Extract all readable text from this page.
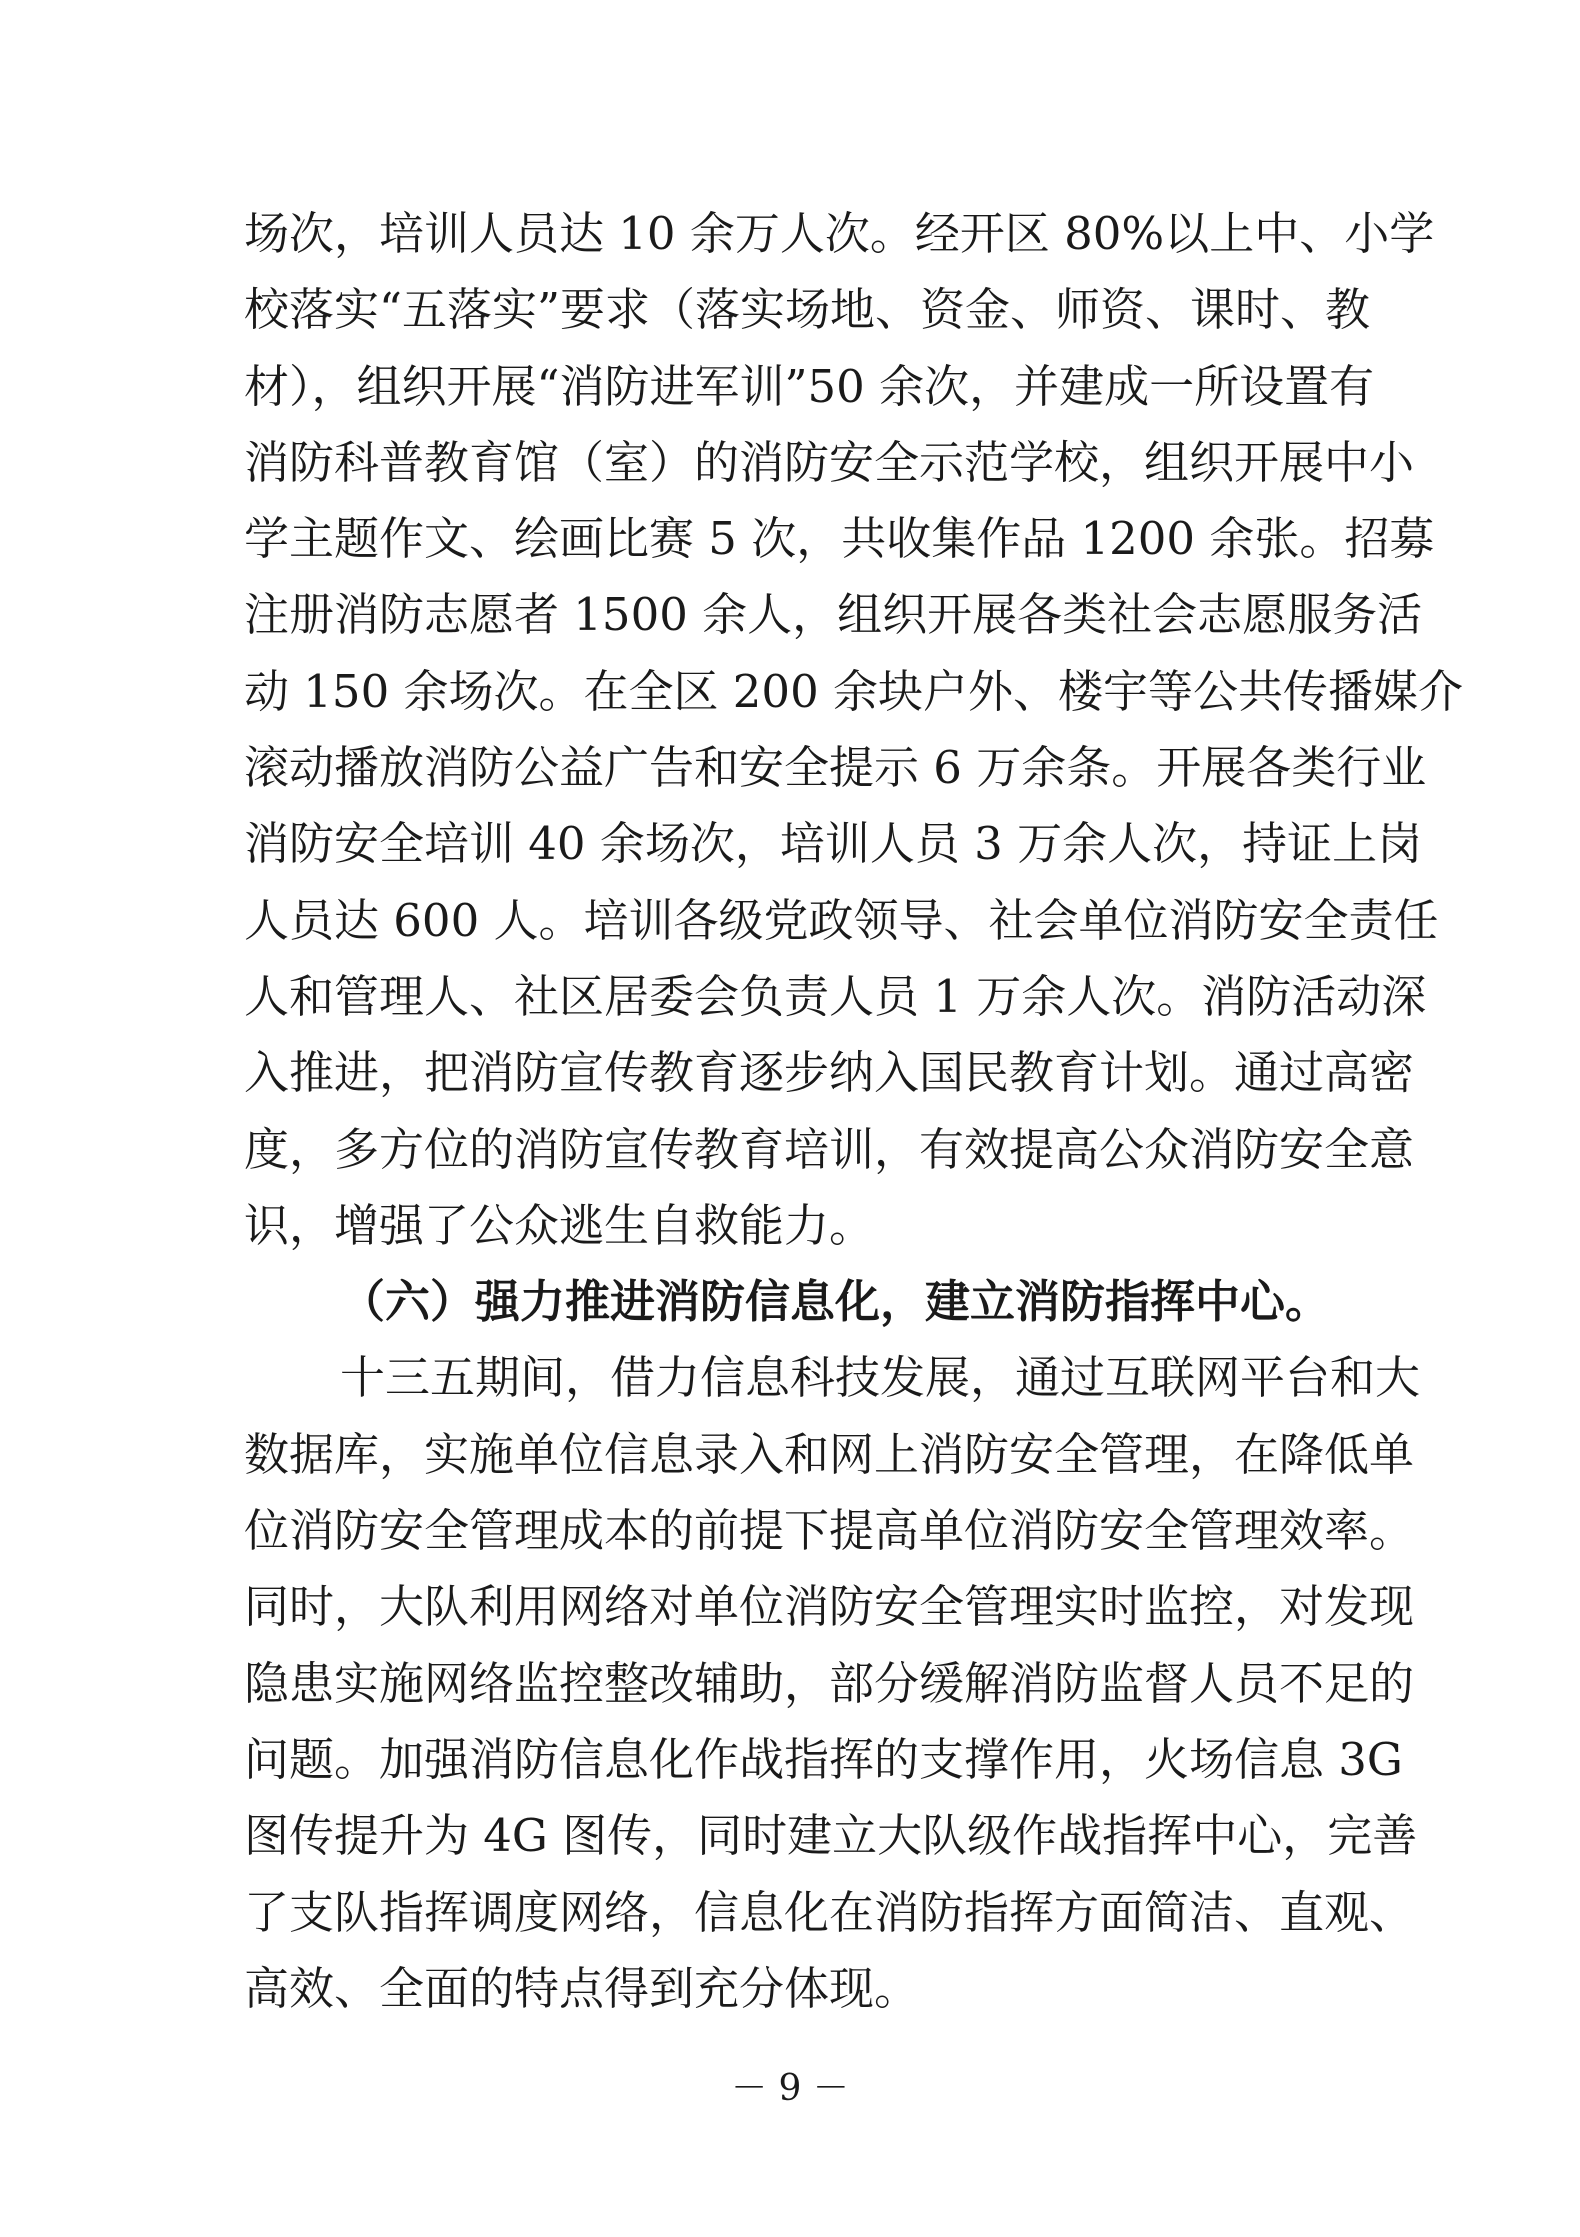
场次，培训人员达 10 余万人次。经开区 80%以上中、小学
校落实“五落实”要求（落实场地、资金、师资、课时、教
材），组织开展“消防进军训”50 余次，并建成一所设置有
消防科普教育馆（室）的消防安全示范学校，组织开展中小
学主题作文、绘画比赛 5 次，共收集作品 1200 余张。招募
注册消防志愿者 1500 余人，组织开展各类社会志愿服务活
动 150 余场次。在全区 200 余块户外、楼宇等公共传播媒介
滚动播放消防公益广告和安全提示 6 万余条。开展各类行业
消防安全培训 40 余场次，培训人员 3 万余人次，持证上岗
人员达 600 人。培训各级党政领导、社会单位消防安全责任
人和管理人、社区居委会负责人员 1 万余人次。消防活动深
入推进，把消防宣传教育逐步纳入国民教育计划。通过高密
度，多方位的消防宣传教育培训，有效提高公众消防安全意
识，增强了公众逃生自救能力。
（六）强力推进消防信息化，建立消防指挥中心。
十三五期间，借力信息科技发展，通过互联网平台和大
数据库，实施单位信息录入和网上消防安全管理，在降低单
位消防安全管理成本的前提下提高单位消防安全管理效率。
同时，大队利用网络对单位消防安全管理实时监控，对发现
隐患实施网络监控整改辅助，部分缓解消防监督人员不足的
问题。加强消防信息化作战指挥的支撑作用，火场信息 3G
图传提升为 4G 图传，同时建立大队级作战指挥中心，完善
了支队指挥调度网络，信息化在消防指挥方面简洁、直观、
高效、全面的特点得到充分体现。
－ 9 －
